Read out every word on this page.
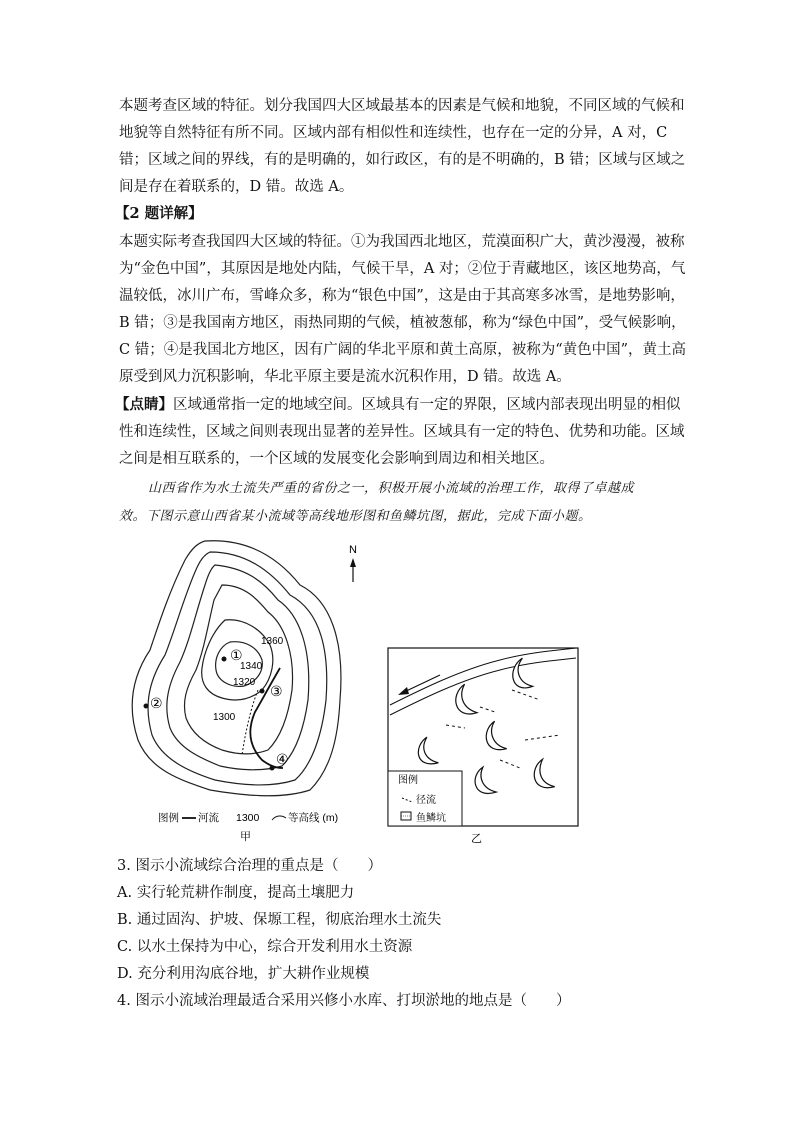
本题考查区域的特征。划分我国四大区域最基本的因素是气候和地貌，不同区域的气候和
地貌等自然特征有所不同。区域内部有相似性和连续性，也存在一定的分异，A 对，C
错；区域之间的界线，有的是明确的，如行政区，有的是不明确的，B 错；区域与区域之
间是存在着联系的，D 错。故选 A。
【2 题详解】
本题实际考查我国四大区域的特征。①为我国西北地区，荒漠面积广大，黄沙漫漫，被称
为“金色中国”，其原因是地处内陆，气候干旱，A 对；②位于青藏地区，该区地势高，气
温较低，冰川广布，雪峰众多，称为“银色中国”，这是由于其高寒多冰雪，是地势影响，
B 错；③是我国南方地区，雨热同期的气候，植被葱郁，称为“绿色中国”，受气候影响，
C 错；④是我国北方地区，因有广阔的华北平原和黄土高原，被称为“黄色中国”，黄土高
原受到风力沉积影响，华北平原主要是流水沉积作用，D 错。故选 A。
【点睛】区域通常指一定的地域空间。区域具有一定的界限，区域内部表现出明显的相似
性和连续性，区域之间则表现出显著的差异性。区域具有一定的特色、优势和功能。区域
之间是相互联系的，一个区域的发展变化会影响到周边和相关地区。
山西省作为水土流失严重的省份之一，积极开展小流域的治理工作，取得了卓越成
效。下图示意山西省某小流域等高线地形图和鱼鳞坑图，据此，完成下面小题。
①
②
③
④
1360
1340
1320
1300
N
图例 河流 1300	等高线 (m)
甲
图例
径流
鱼鳞坑
乙
3. 图示小流域综合治理的重点是（　　）
A. 实行轮荒耕作制度，提高土壤肥力
B. 通过固沟、护坡、保塬工程，彻底治理水土流失
C. 以水土保持为中心，综合开发利用水土资源
D. 充分利用沟底谷地，扩大耕作业规模
4. 图示小流域治理最适合采用兴修小水库、打坝淤地的地点是（　　）
